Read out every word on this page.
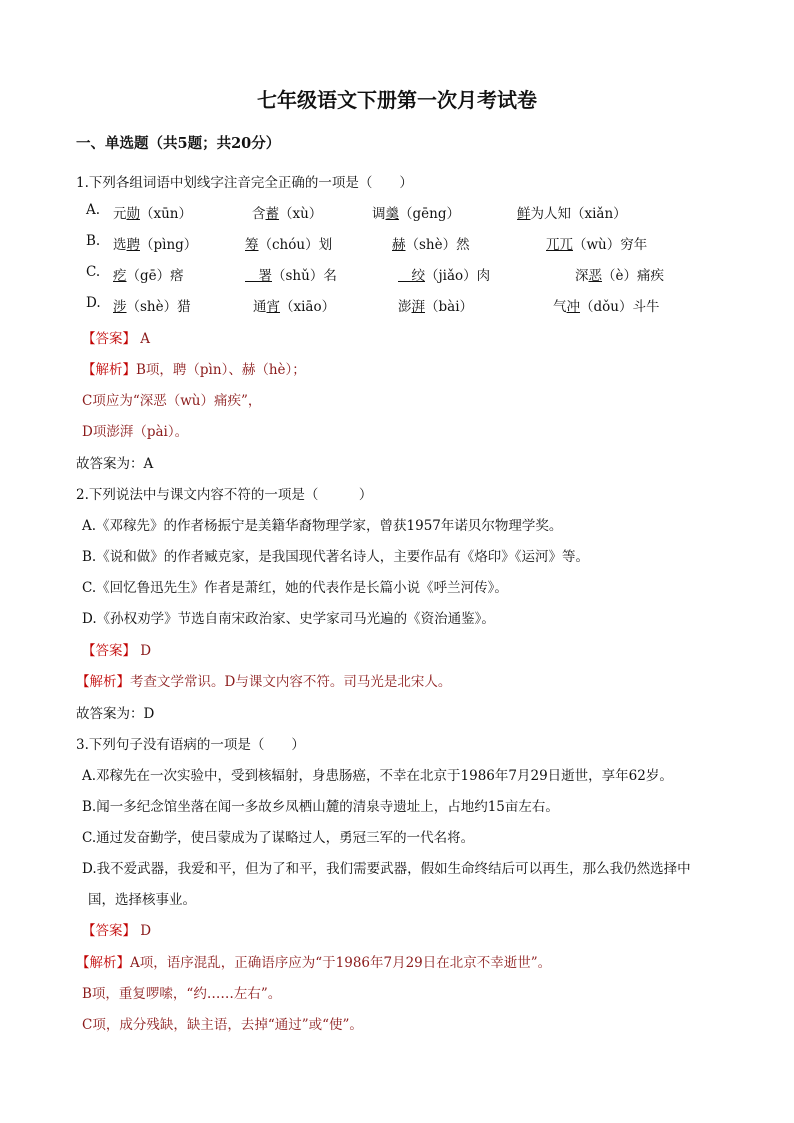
七年级语文下册第一次月考试卷
一、单选题（共5题；共20分）
1.下列各组词语中划线字注音完全正确的一项是（　　）
A. 元勋（xūn）	含蓄（xù）	调羹（gēng）	鲜为人知（xiǎn）
B. 选聘（pìng）	筹（chóu）划	赫（shè）然	兀兀（wù）穷年
C. 疙（gē）瘩	　署（shǔ）名	　绞（jiǎo）肉	深恶（è）痛疾
D. 涉（shè）猎	通宵（xiāo）	澎湃（bài）	气冲（dǒu）斗牛
【答案】 A
【解析】B项，聘（pìn）、赫（hè）；
C项应为“深恶（wù）痛疾”，
D项澎湃（pài）。
故答案为：A
2.下列说法中与课文内容不符的一项是（　　　）
A.《邓稼先》的作者杨振宁是美籍华裔物理学家，曾获1957年诺贝尔物理学奖。
B.《说和做》的作者臧克家，是我国现代著名诗人，主要作品有《烙印》《运河》等。
C.《回忆鲁迅先生》作者是萧红，她的代表作是长篇小说《呼兰河传》。
D.《孙权劝学》节选自南宋政治家、史学家司马光遍的《资治通鉴》。
【答案】 D
【解析】考查文学常识。D与课文内容不符。司马光是北宋人。
故答案为：D
3.下列句子没有语病的一项是（　　）
A.邓稼先在一次实验中，受到核辐射，身患肠癌，不幸在北京于1986年7月29日逝世，享年62岁。
B.闻一多纪念馆坐落在闻一多故乡凤栖山麓的清泉寺遗址上，占地约15亩左右。
C.通过发奋勤学，使吕蒙成为了谋略过人，勇冠三军的一代名将。
D.我不爱武器，我爱和平，但为了和平，我们需要武器，假如生命终结后可以再生，那么我仍然选择中
国，选择核事业。
【答案】 D
【解析】A项，语序混乱，正确语序应为“于1986年7月29日在北京不幸逝世”。
B项，重复啰嗦，“约……左右”。
C项，成分残缺，缺主语，去掉“通过”或“使”。
